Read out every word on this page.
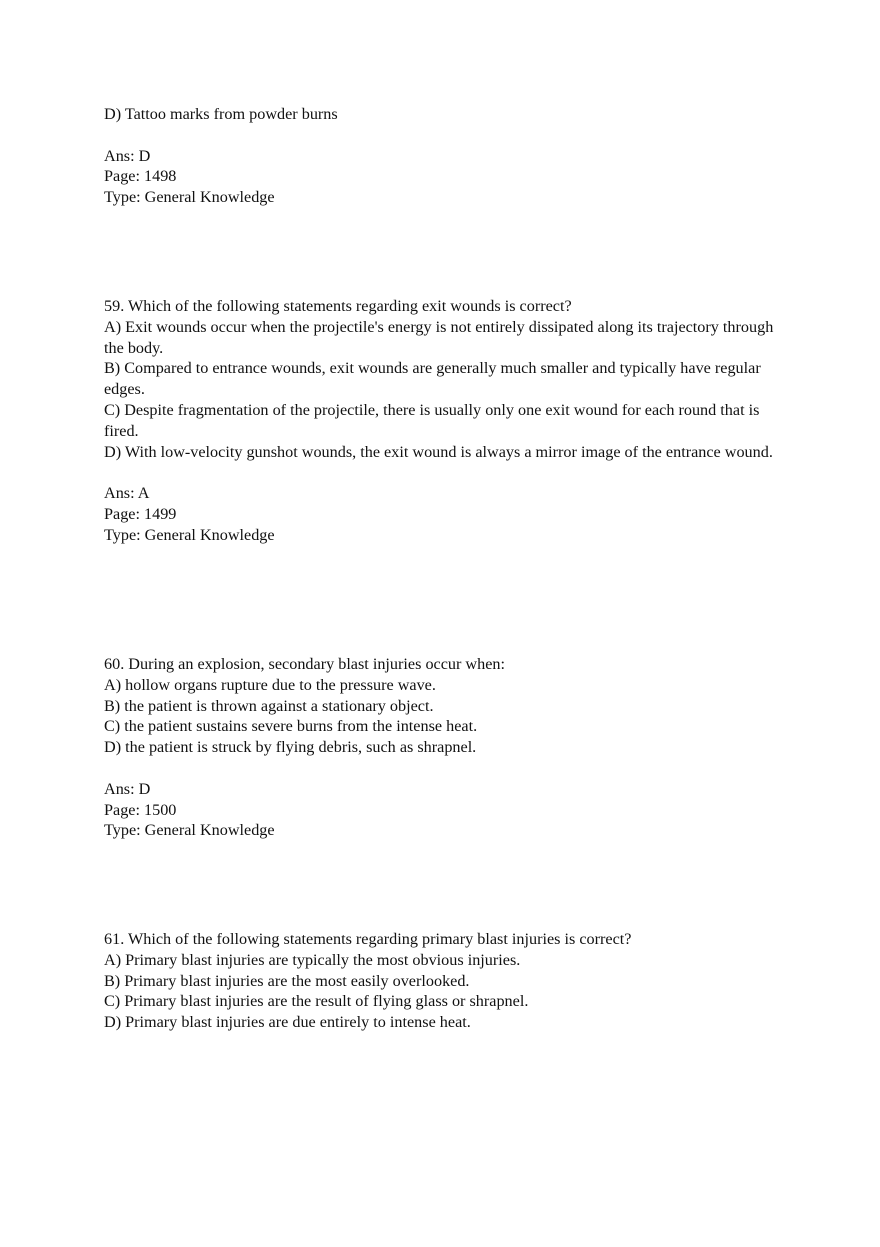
D) Tattoo marks from powder burns
Ans: D
Page: 1498
Type: General Knowledge
59. Which of the following statements regarding exit wounds is correct?
A) Exit wounds occur when the projectile's energy is not entirely dissipated along its trajectory through the body.
B) Compared to entrance wounds, exit wounds are generally much smaller and typically have regular edges.
C) Despite fragmentation of the projectile, there is usually only one exit wound for each round that is fired.
D) With low-velocity gunshot wounds, the exit wound is always a mirror image of the entrance wound.
Ans: A
Page: 1499
Type: General Knowledge
60. During an explosion, secondary blast injuries occur when:
A) hollow organs rupture due to the pressure wave.
B) the patient is thrown against a stationary object.
C) the patient sustains severe burns from the intense heat.
D) the patient is struck by flying debris, such as shrapnel.
Ans: D
Page: 1500
Type: General Knowledge
61. Which of the following statements regarding primary blast injuries is correct?
A) Primary blast injuries are typically the most obvious injuries.
B) Primary blast injuries are the most easily overlooked.
C) Primary blast injuries are the result of flying glass or shrapnel.
D) Primary blast injuries are due entirely to intense heat.
